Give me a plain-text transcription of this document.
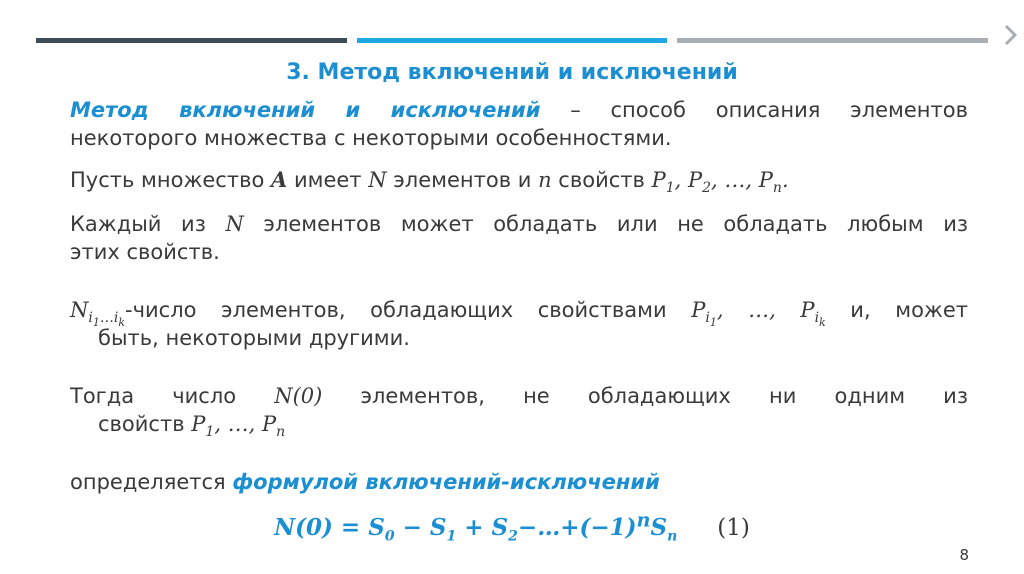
3. Метод включений и исключений

Метод включений и исключений – способ описания элементов

некоторого множества с некоторыми особенностями.

Пусть множество A имеет N элементов и n свойств $P_1$, $P_2$, …, $P_n$.

Каждый из N элементов может обладать или не обладать любым из

этих свойств.

$N_{i_1\dots i_k}$-число элементов, обладающих свойствами $P_{i_1}$, …, $P_{i_k}$ и, может

быть, некоторыми другими.

Тогда число N(0) элементов, не обладающих ни одним из

свойств $P_1$, …, $P_n$

определяется формулой включений-исключений

$N(0) = S_0 - S_1$ + $S_2-\dots+(-1)^nS_n$ (1)
8
